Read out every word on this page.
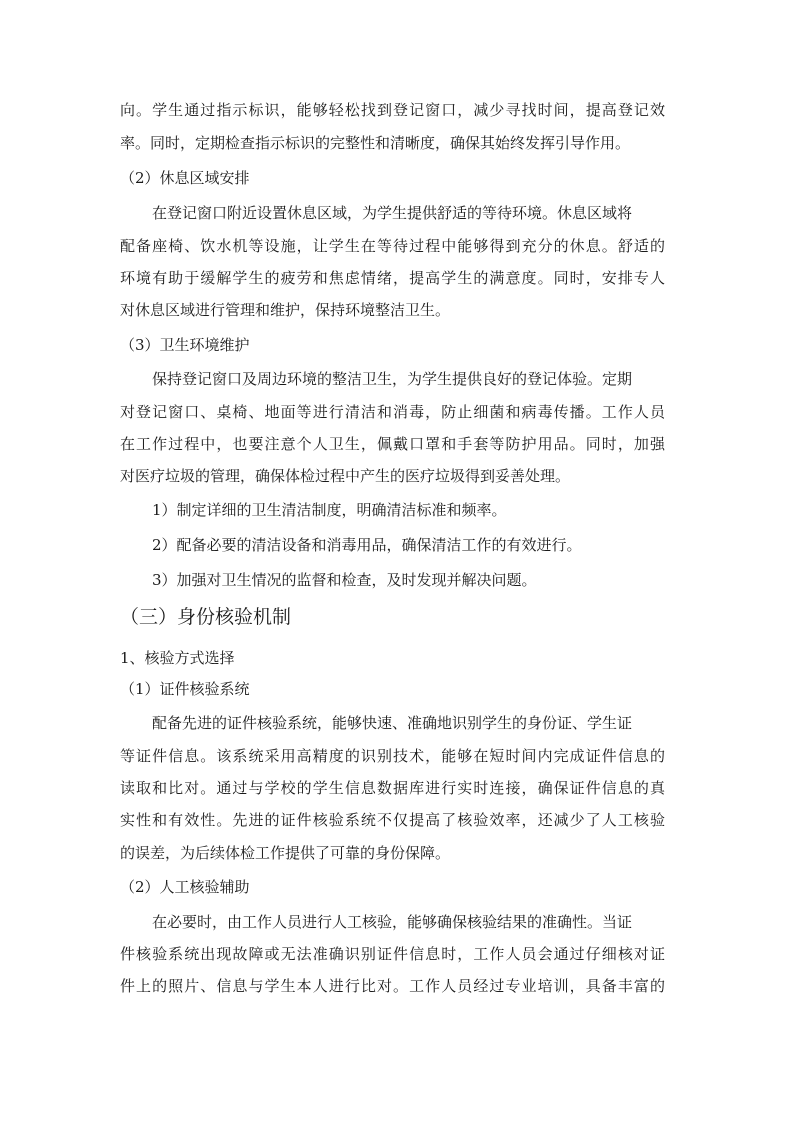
向。学生通过指示标识，能够轻松找到登记窗口，减少寻找时间，提高登记效
率。同时，定期检查指示标识的完整性和清晰度，确保其始终发挥引导作用。
（2）休息区域安排
在登记窗口附近设置休息区域，为学生提供舒适的等待环境。休息区域将
配备座椅、饮水机等设施，让学生在等待过程中能够得到充分的休息。舒适的
环境有助于缓解学生的疲劳和焦虑情绪，提高学生的满意度。同时，安排专人
对休息区域进行管理和维护，保持环境整洁卫生。
（3）卫生环境维护
保持登记窗口及周边环境的整洁卫生，为学生提供良好的登记体验。定期
对登记窗口、桌椅、地面等进行清洁和消毒，防止细菌和病毒传播。工作人员
在工作过程中，也要注意个人卫生，佩戴口罩和手套等防护用品。同时，加强
对医疗垃圾的管理，确保体检过程中产生的医疗垃圾得到妥善处理。
1）制定详细的卫生清洁制度，明确清洁标准和频率。
2）配备必要的清洁设备和消毒用品，确保清洁工作的有效进行。
3）加强对卫生情况的监督和检查，及时发现并解决问题。
（三）身份核验机制
1、核验方式选择
（1）证件核验系统
配备先进的证件核验系统，能够快速、准确地识别学生的身份证、学生证
等证件信息。该系统采用高精度的识别技术，能够在短时间内完成证件信息的
读取和比对。通过与学校的学生信息数据库进行实时连接，确保证件信息的真
实性和有效性。先进的证件核验系统不仅提高了核验效率，还减少了人工核验
的误差，为后续体检工作提供了可靠的身份保障。
（2）人工核验辅助
在必要时，由工作人员进行人工核验，能够确保核验结果的准确性。当证
件核验系统出现故障或无法准确识别证件信息时，工作人员会通过仔细核对证
件上的照片、信息与学生本人进行比对。工作人员经过专业培训，具备丰富的
